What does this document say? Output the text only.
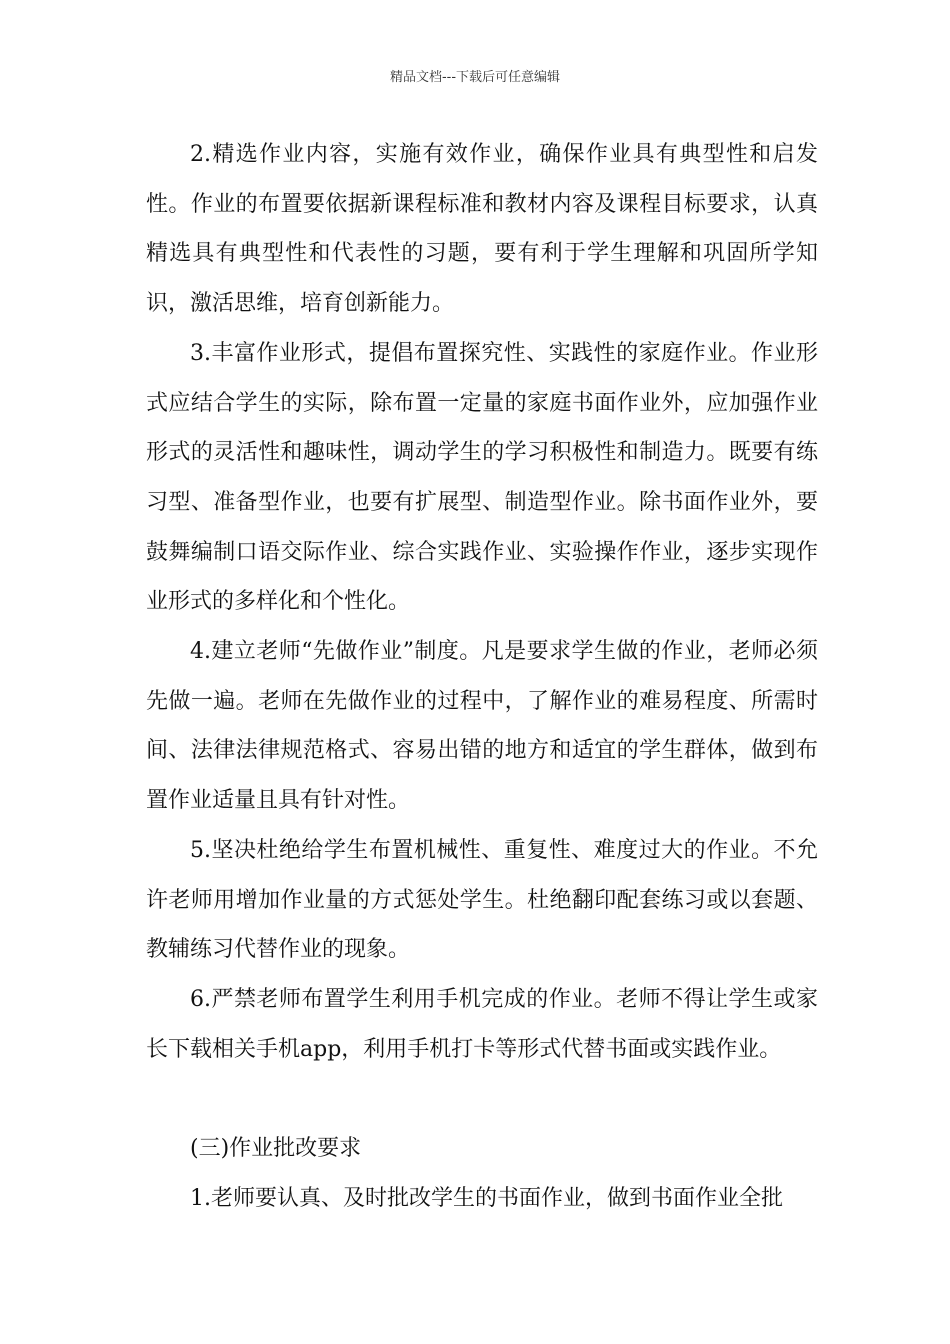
精品文档---下载后可任意编辑

2.精选作业内容，实施有效作业，确保作业具有典型性和启发性。作业的布置要依据新课程标准和教材内容及课程目标要求，认真精选具有典型性和代表性的习题，要有利于学生理解和巩固所学知识，激活思维，培育创新能力。

3.丰富作业形式，提倡布置探究性、实践性的家庭作业。作业形式应结合学生的实际，除布置一定量的家庭书面作业外，应加强作业形式的灵活性和趣味性，调动学生的学习积极性和制造力。既要有练习型、准备型作业，也要有扩展型、制造型作业。除书面作业外，要鼓舞编制口语交际作业、综合实践作业、实验操作作业，逐步实现作业形式的多样化和个性化。

4.建立老师“先做作业”制度。凡是要求学生做的作业，老师必须先做一遍。老师在先做作业的过程中，了解作业的难易程度、所需时间、法律法律规范格式、容易出错的地方和适宜的学生群体，做到布置作业适量且具有针对性。

5.坚决杜绝给学生布置机械性、重复性、难度过大的作业。不允许老师用增加作业量的方式惩处学生。杜绝翻印配套练习或以套题、教辅练习代替作业的现象。

6.严禁老师布置学生利用手机完成的作业。老师不得让学生或家长下载相关手机app，利用手机打卡等形式代替书面或实践作业。

(三)作业批改要求

1.老师要认真、及时批改学生的书面作业，做到书面作业全批
